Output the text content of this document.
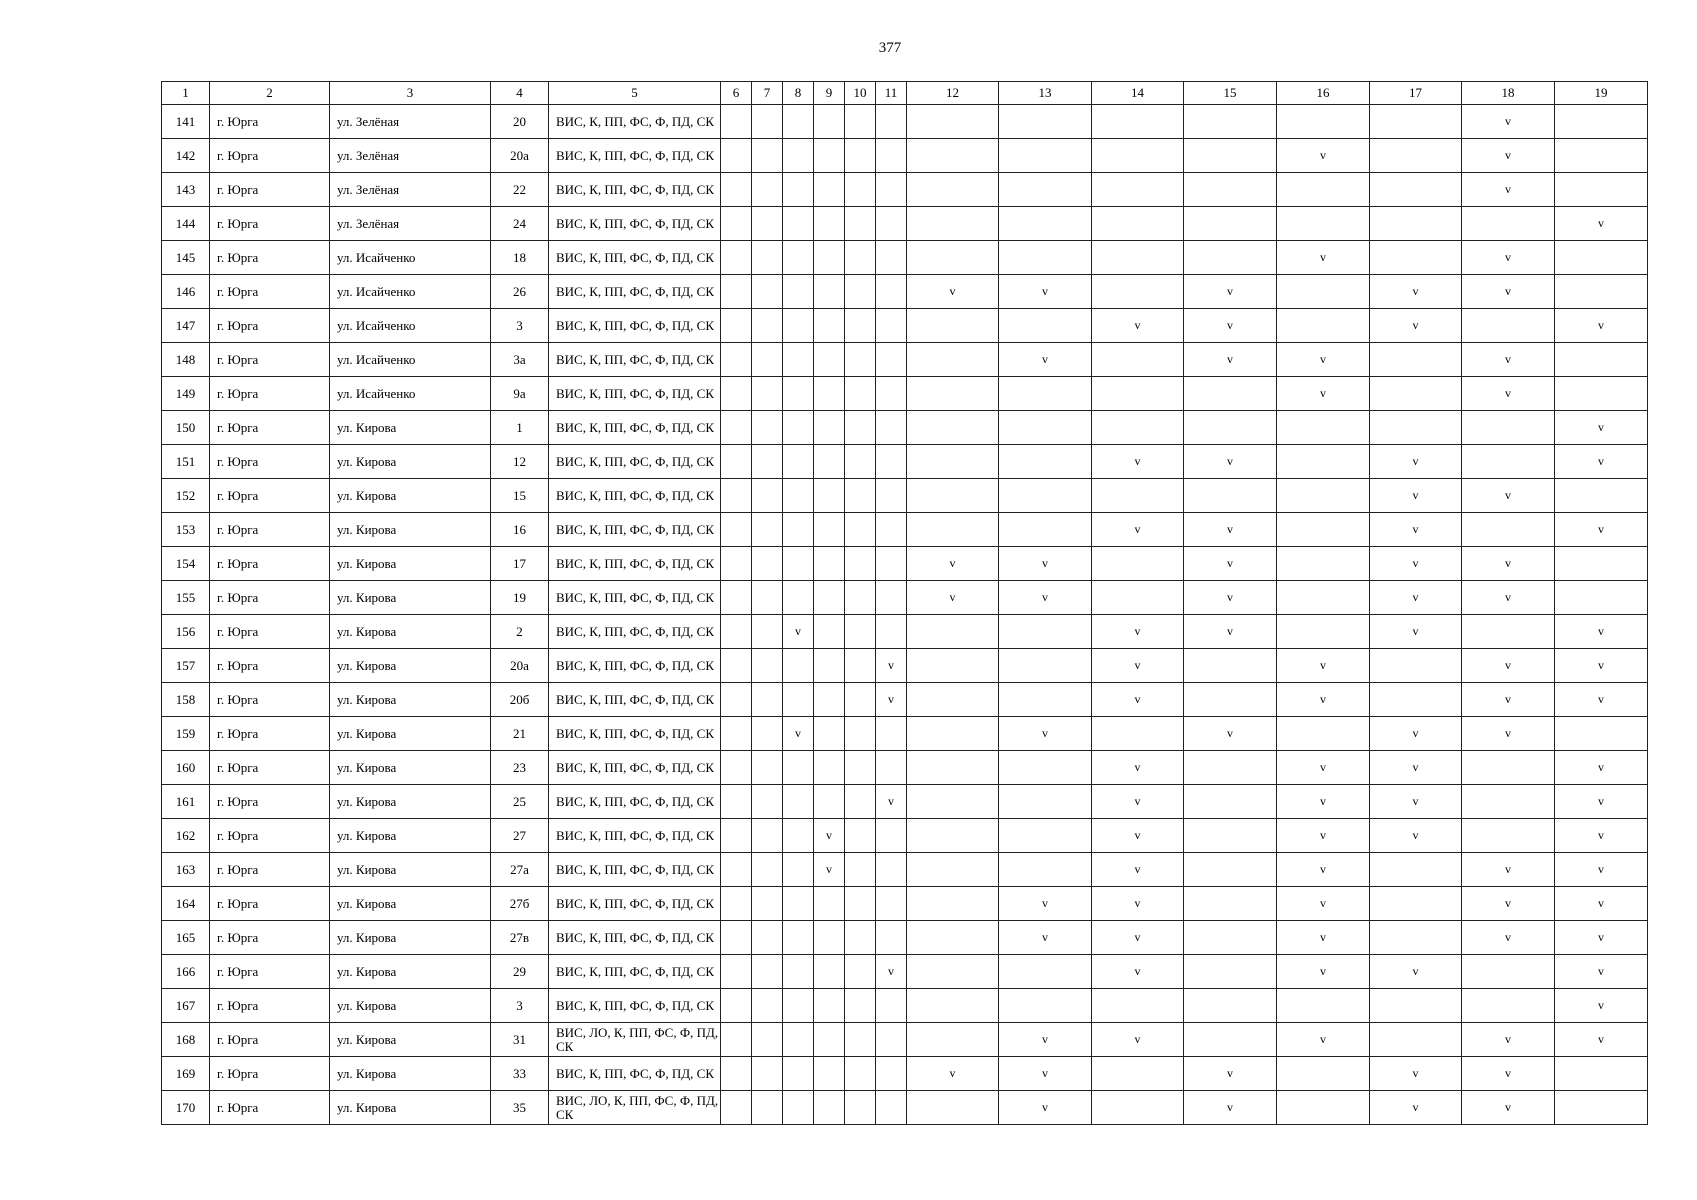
377
1	2	3	4	5	6	7	8	9	10	11	12	13	14	15	16	17	18	19
141	г. Юрга	ул. Зелёная	20	ВИС, К, ПП, ФС, Ф, ПД, СК													v	
142	г. Юрга	ул. Зелёная	20а	ВИС, К, ПП, ФС, Ф, ПД, СК											v		v	
143	г. Юрга	ул. Зелёная	22	ВИС, К, ПП, ФС, Ф, ПД, СК													v	
144	г. Юрга	ул. Зелёная	24	ВИС, К, ПП, ФС, Ф, ПД, СК														v
145	г. Юрга	ул. Исайченко	18	ВИС, К, ПП, ФС, Ф, ПД, СК											v		v	
146	г. Юрга	ул. Исайченко	26	ВИС, К, ПП, ФС, Ф, ПД, СК							v	v		v		v	v	
147	г. Юрга	ул. Исайченко	3	ВИС, К, ПП, ФС, Ф, ПД, СК									v	v		v		v
148	г. Юрга	ул. Исайченко	3а	ВИС, К, ПП, ФС, Ф, ПД, СК								v		v	v		v	
149	г. Юрга	ул. Исайченко	9а	ВИС, К, ПП, ФС, Ф, ПД, СК											v		v	
150	г. Юрга	ул. Кирова	1	ВИС, К, ПП, ФС, Ф, ПД, СК														v
151	г. Юрга	ул. Кирова	12	ВИС, К, ПП, ФС, Ф, ПД, СК									v	v		v		v
152	г. Юрга	ул. Кирова	15	ВИС, К, ПП, ФС, Ф, ПД, СК												v	v	
153	г. Юрга	ул. Кирова	16	ВИС, К, ПП, ФС, Ф, ПД, СК									v	v		v		v
154	г. Юрга	ул. Кирова	17	ВИС, К, ПП, ФС, Ф, ПД, СК							v	v		v		v	v	
155	г. Юрга	ул. Кирова	19	ВИС, К, ПП, ФС, Ф, ПД, СК							v	v		v		v	v	
156	г. Юрга	ул. Кирова	2	ВИС, К, ПП, ФС, Ф, ПД, СК			v						v	v		v		v
157	г. Юрга	ул. Кирова	20а	ВИС, К, ПП, ФС, Ф, ПД, СК						v			v		v		v	v
158	г. Юрга	ул. Кирова	20б	ВИС, К, ПП, ФС, Ф, ПД, СК						v			v		v		v	v
159	г. Юрга	ул. Кирова	21	ВИС, К, ПП, ФС, Ф, ПД, СК			v					v		v		v	v	
160	г. Юрга	ул. Кирова	23	ВИС, К, ПП, ФС, Ф, ПД, СК									v		v	v		v
161	г. Юрга	ул. Кирова	25	ВИС, К, ПП, ФС, Ф, ПД, СК						v			v		v	v		v
162	г. Юрга	ул. Кирова	27	ВИС, К, ПП, ФС, Ф, ПД, СК				v					v		v	v		v
163	г. Юрга	ул. Кирова	27а	ВИС, К, ПП, ФС, Ф, ПД, СК				v					v		v		v	v
164	г. Юрга	ул. Кирова	27б	ВИС, К, ПП, ФС, Ф, ПД, СК								v	v		v		v	v
165	г. Юрга	ул. Кирова	27в	ВИС, К, ПП, ФС, Ф, ПД, СК								v	v		v		v	v
166	г. Юрга	ул. Кирова	29	ВИС, К, ПП, ФС, Ф, ПД, СК						v			v		v	v		v
167	г. Юрга	ул. Кирова	3	ВИС, К, ПП, ФС, Ф, ПД, СК														v
168	г. Юрга	ул. Кирова	31	ВИС, ЛО, К, ПП, ФС, Ф, ПД, СК								v	v		v		v	v
169	г. Юрга	ул. Кирова	33	ВИС, К, ПП, ФС, Ф, ПД, СК							v	v		v		v	v	
170	г. Юрга	ул. Кирова	35	ВИС, ЛО, К, ПП, ФС, Ф, ПД, СК								v		v		v	v	
